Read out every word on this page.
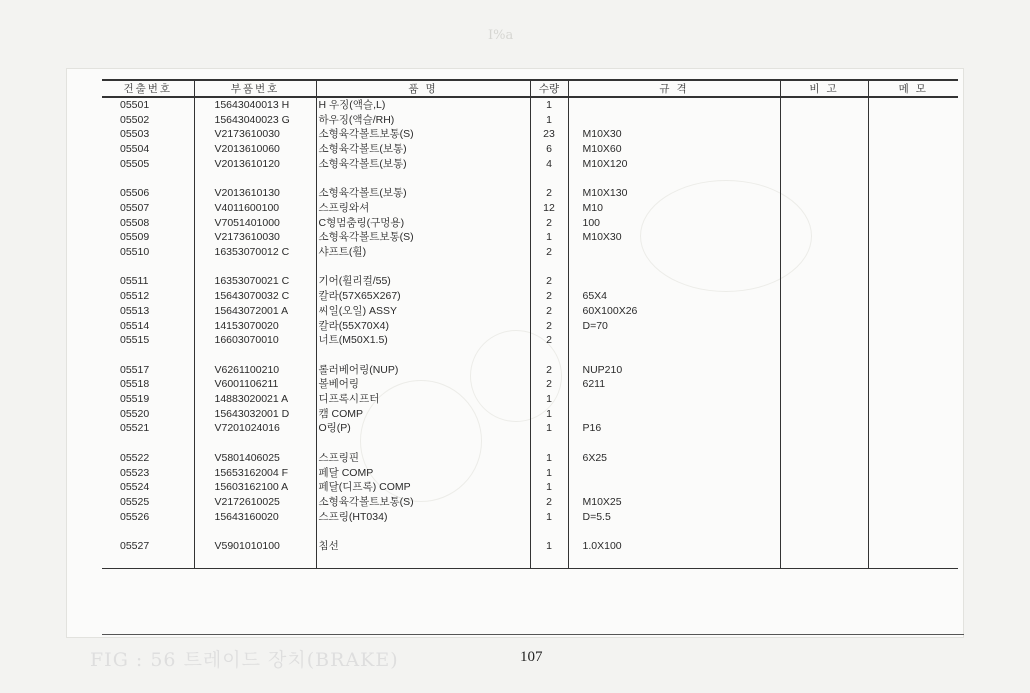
I%a
건출번호	부품번호	품 명	수량	규 격	비 고	메 모
05501	15643040013 H	H 우징(액슬,L)	1			
05502	15643040023 G	하우징(액슬/RH)	1			
05503	V2173610030	소형육각볼트보통(S)	23	M10X30		
05504	V2013610060	소형육각볼트(보통)	6	M10X60		
05505	V2013610120	소형육각볼트(보통)	4	M10X120		

05506	V2013610130	소형육각볼트(보통)	2	M10X130		
05507	V4011600100	스프링와셔	12	M10		
05508	V7051401000	C형멈춤링(구멍용)	2	100		
05509	V2173610030	소형육각볼트보통(S)	1	M10X30		
05510	16353070012 C	샤프트(휠)	2			

05511	16353070021 C	기어(휠리컬/55)	2			
05512	15643070032 C	칼라(57X65X267)	2	65X4		
05513	15643072001 A	씨일(오일) ASSY	2	60X100X26		
05514	14153070020	칼라(55X70X4)	2	D=70		
05515	16603070010	너트(M50X1.5)	2			

05517	V6261100210	롤러베어링(NUP)	2	NUP210		
05518	V6001106211	볼베어링	2	6211		
05519	14883020021 A	디프록시프터	1			
05520	15643032001 D	캠 COMP	1			
05521	V7201024016	O링(P)	1	P16		

05522	V5801406025	스프링핀	1	6X25		
05523	15653162004 F	페달 COMP	1			
05524	15603162100 A	페달(디프록) COMP	1			
05525	V2172610025	소형육각볼트보통(S)	2	M10X25		
05526	15643160020	스프링(HT034)	1	D=5.5		

05527	V5901010100	침선	1	1.0X100		

FIG : 56 트레이드 장치(BRAKE)	107
